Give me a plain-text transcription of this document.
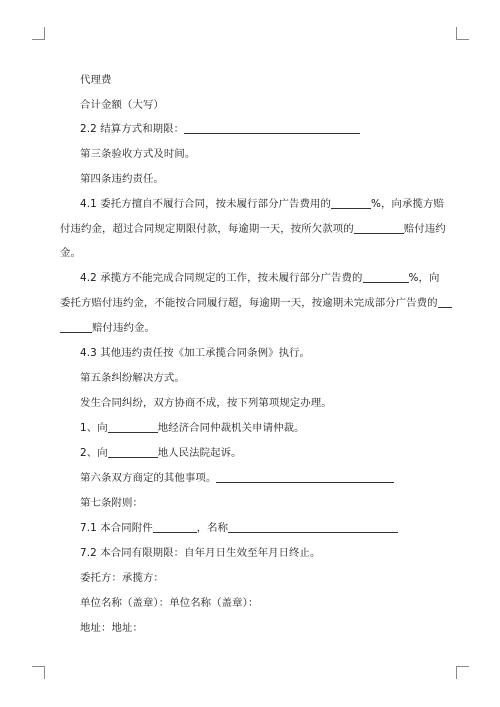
代理费
合计金额（大写）
2.2 结算方式和期限：
第三条验收方式及时间。
第四条违约责任。
4.1 委托方擅自不履行合同，按未履行部分广告费用的	%，向承揽方赔
付违约金，超过合同规定期限付款，每逾期一天，按所欠款项的	赔付违约
金。
4.2 承揽方不能完成合同规定的工作，按未履行部分广告费的	%，向
委托方赔付违约金，不能按合同履行超，每逾期一天，按逾期未完成部分广告费的
赔付违约金。
4.3 其他违约责任按《加工承揽合同条例》执行。
第五条纠纷解决方式。
发生合同纠纷，双方协商不成，按下列第项规定办理。
1、向	地经济合同仲裁机关申请仲裁。
2、向	地人民法院起诉。
第六条双方商定的其他事项。
第七条附则：
7.1 本合同附件	，名称
7.2 本合同有限期限：自年月日生效至年月日终止。
委托方：承揽方：
单位名称（盖章）：单位名称（盖章）：
地址：地址：
